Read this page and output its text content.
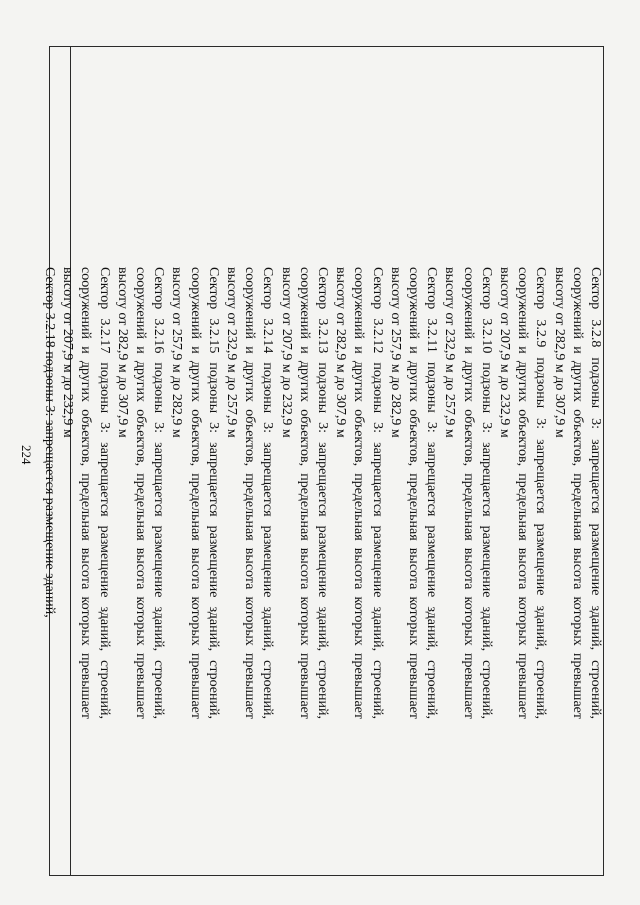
224	Сектор 3.2.8 подзоны 3: запрещается размещение зданий, строений, сооружений и других объектов, предельная высота которых превышает высоту от 282,9 м до 307,9 м

Сектор 3.2.9 подзоны 3: запрещается размещение зданий, строений, сооружений и других объектов, предельная высота которых превышает высоту от 207,9 м до 232,9 м

Сектор 3.2.10 подзоны 3: запрещается размещение зданий, строений, сооружений и других объектов, предельная высота которых превышает высоту от 232,9 м до 257,9 м

Сектор 3.2.11 подзоны 3: запрещается размещение зданий, строений, сооружений и других объектов, предельная высота которых превышает высоту от 257,9 м до 282,9 м

Сектор 3.2.12 подзоны 3: запрещается размещение зданий, строений, сооружений и других объектов, предельная высота которых превышает высоту от 282,9 м до 307,9 м

Сектор 3.2.13 подзоны 3: запрещается размещение зданий, строений, сооружений и других объектов, предельная высота которых превышает высоту от 207,9 м до 232,9 м

Сектор 3.2.14 подзоны 3: запрещается размещение зданий, строений, сооружений и других объектов, предельная высота которых превышает высоту от 232,9 м до 257,9 м

Сектор 3.2.15 подзоны 3: запрещается размещение зданий, строений, сооружений и других объектов, предельная высота которых превышает высоту от 257,9 м до 282,9 м

Сектор 3.2.16 подзоны 3: запрещается размещение зданий, строений, сооружений и других объектов, предельная высота которых превышает высоту от 282,9 м до 307,9 м

Сектор 3.2.17 подзоны 3: запрещается размещение зданий, строений, сооружений и других объектов, предельная высота которых превышает высоту от 207,9 м до 232,9 м

Сектор 3.2.18 подзоны 3: запрещается размещение зданий,
